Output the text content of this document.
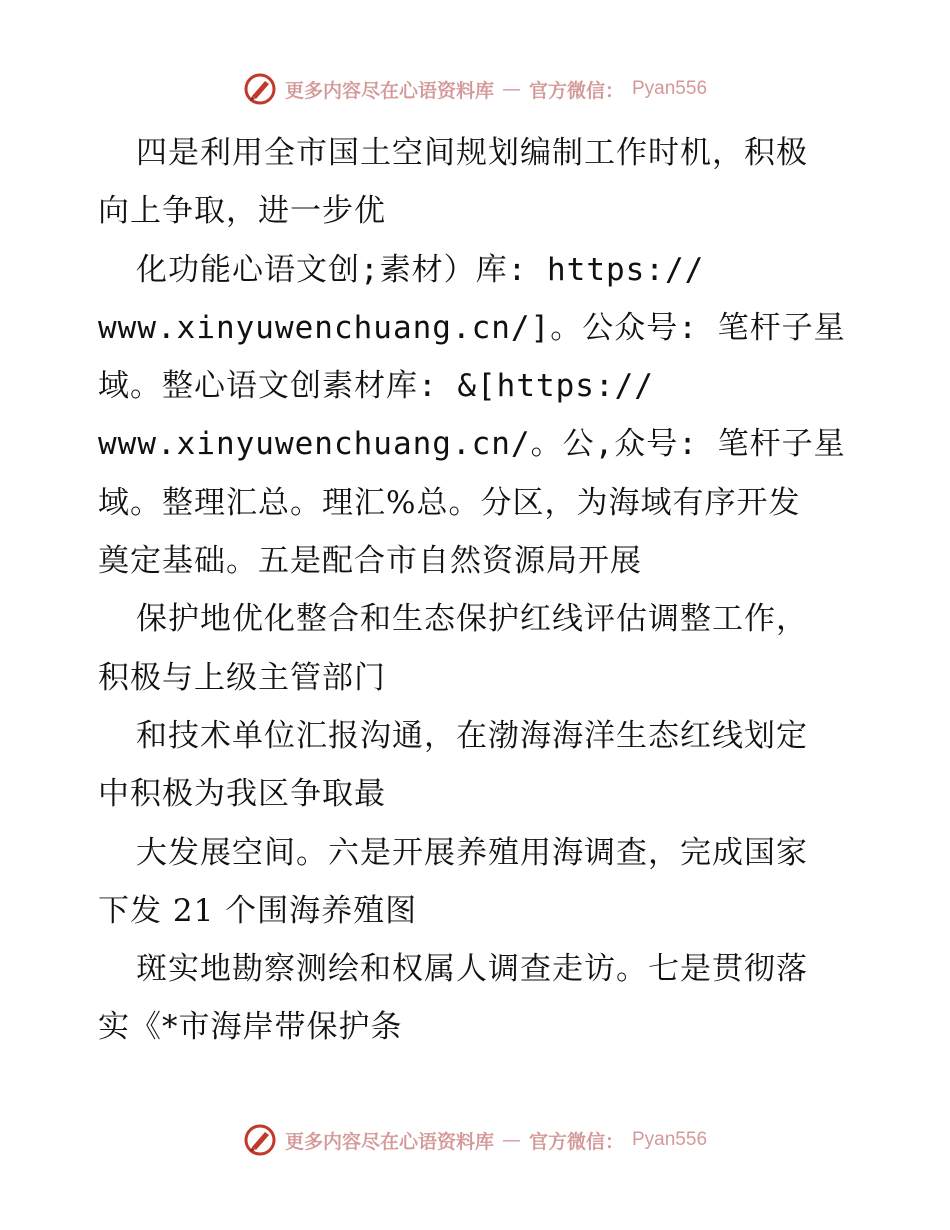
更多内容尽在心语资料库 — 官方微信： Pyan556
四是利用全市国土空间规划编制工作时机，积极
向上争取，进一步优
化功能心语文创;素材）库: https://
www.xinyuwenchuang.cn/]。公众号: 笔杆子星
域。整心语文创素材库: &[https://
www.xinyuwenchuang.cn/。公,众号: 笔杆子星
域。整理汇总。理汇%总。分区，为海域有序开发
奠定基础。五是配合市自然资源局开展
保护地优化整合和生态保护红线评估调整工作，
积极与上级主管部门
和技术单位汇报沟通，在渤海海洋生态红线划定
中积极为我区争取最
大发展空间。六是开展养殖用海调查，完成国家
下发 21 个围海养殖图
斑实地勘察测绘和权属人调查走访。七是贯彻落
实《*市海岸带保护条
更多内容尽在心语资料库 — 官方微信： Pyan556
